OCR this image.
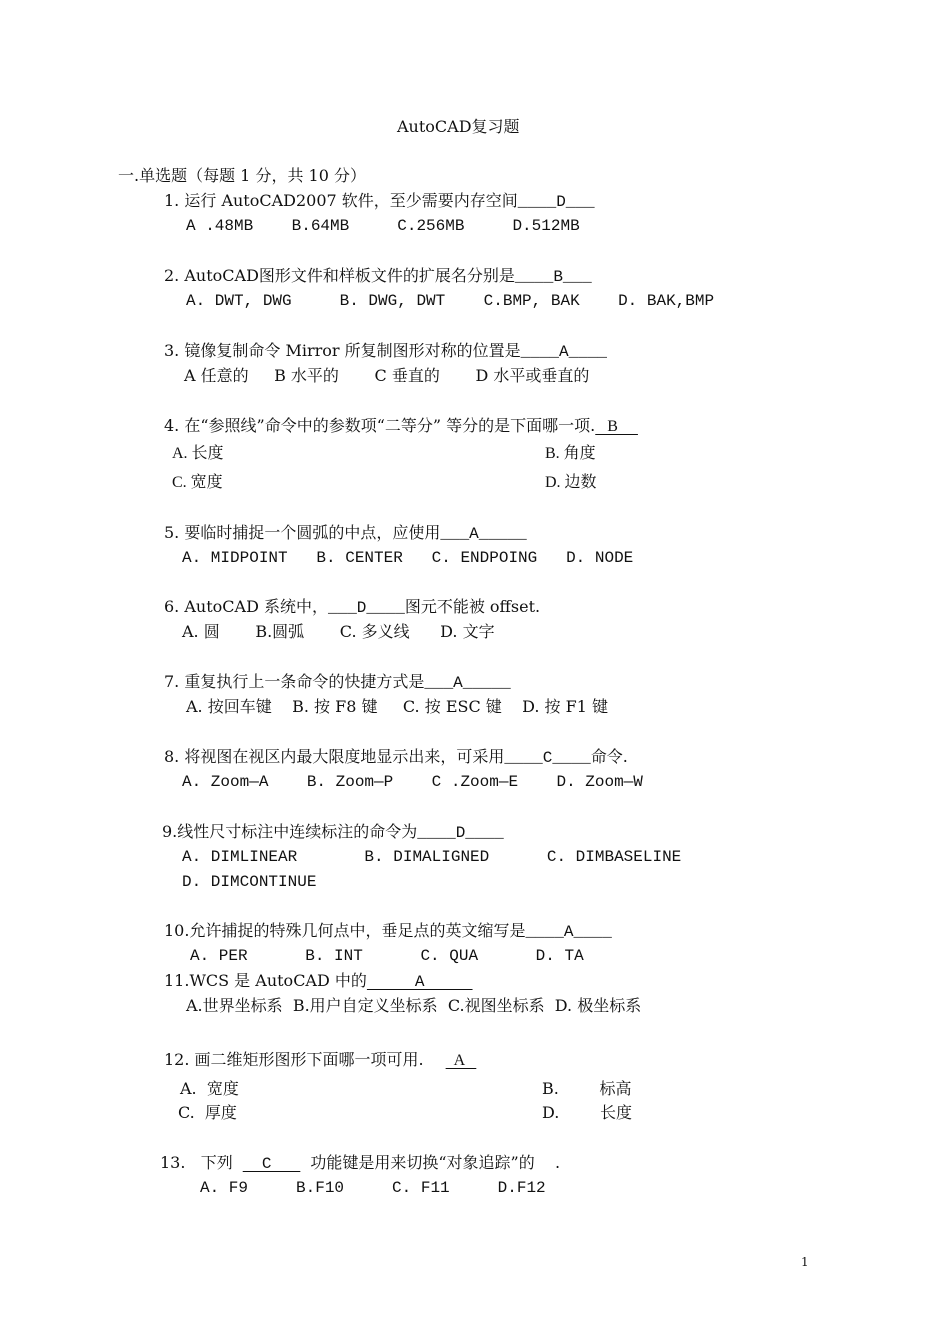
AutoCAD复习题
一.单选题（每题 1 分，共 10 分）
1. 运行 AutoCAD2007 软件，至少需要内存空间____D___
A .48MB    B.64MB     C.256MB     D.512MB
2. AutoCAD图形文件和样板文件的扩展名分别是____B___
A. DWT, DWG     B. DWG, DWT    C.BMP, BAK    D. BAK,BMP
3. 镜像复制命令 Mirror 所复制图形对称的位置是____A____
A 任意的     B 水平的       C 垂直的       D 水平或垂直的
4. 在“参照线”命令中的参数项“二等分” 等分的是下面哪一项.   B
A. 长度	B. 角度
C. 宽度	D. 边数
5. 要临时捕捉一个圆弧的中点，应使用___A_____
A. MIDPOINT   B. CENTER   C. ENDPOING   D. NODE
6. AutoCAD 系统中，___D____图元不能被 offset.
A. 圆       B.圆弧       C. 多义线      D. 文字
7. 重复执行上一条命令的快捷方式是___A_____
A. 按回车键    B. 按 F8 键     C. 按 ESC 键    D. 按 F1 键
8. 将视图在视区内最大限度地显示出来，可采用____C____命令.
A. Zoom—A    B. Zoom—P    C .Zoom—E    D. Zoom—W
9.线性尺寸标注中连续标注的命令为____D____
A. DIMLINEAR       B. DIMALIGNED      C. DIMBASELINE
D. DIMCONTINUE
10.允许捕捉的特殊几何点中，垂足点的英文缩写是____A____
A. PER      B. INT      C. QUA      D. TA
11.WCS 是 AutoCAD 中的     A
A.世界坐标系  B.用户自定义坐标系  C.视图坐标系  D. 极坐标系
12. 画二维矩形图形下面哪一项可用.  A
A.  宽度	B.        标高
C.  厚度	D.        长度
13.   下列  C   功能键是用来切换“对象追踪”的    .
A. F9     B.F10     C. F11     D.F12
1
